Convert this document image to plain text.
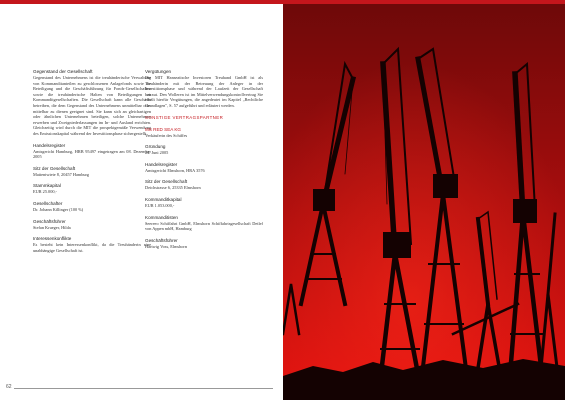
Gegenstand der Gesellschaft

Gegenstand des Unternehmens ist die treuhänderische Verwaltung von Kommanditanteilen zu geschlossenen Anlagefonds sowie die Beteiligung und die Geschäftsführung für Fonds-Gesellschaften sowie die treuhänderische Halten von Beteiligungen an Kommanditgesellschaften. Die Gesellschaft kann alle Geschäfte betreiben, die dem Gegenstand des Unternehmens unmittelbar oder mittelbar zu dienen geeignet sind. Sie kann sich an gleichartigen oder ähnlichen Unternehmen beteiligen, solche Unternehmen erwerben und Zweigniederlassungen im In- und Ausland errichten. Gleichzeitig wird durch die MIT die prospektgemäße Verwendung des Emissionskapital während der Investitionsphase sichergestellt.

Handelsregister

Amtsgericht Hamburg, HRB 95497 eingetragen am 08. Dezember 2005

Sitz der Gesellschaft

Mattentwiete 8, 20457 Hamburg

Stammkapital

EUR 25.000,-

Gesellschafter

Dr. Johann Killinger (100 %)

Geschäftsführer

Stefan Krueger, Hilda

Interessenkonflikte

Es besteht kein Interessenkonflikt, da die Treuhänderin eine unabhängige Gesellschaft ist.

Vergütungen

Die MIT Hanseatische Investoren Treuhand GmbH ist als Treuhänderin mit der Betreuung der Anleger in der Investitionsphase und während der Laufzeit der Gesellschaft betraut. Den Wolleren ist im Mittelverwendungskontrollvertrag Sie erhält hierfür Vergütungen, die angedeutet im Kapitel „Rechtliche Grundlagen", S. 57 aufgeführt und erläutert werden.

SONSTIGE VERTRAGSPARTNER

MS RED SEA KG

Verkäuferin des Schiffes

Gründung

24. Juni 2005

Handelsregister

Amtsgericht Elmshorn, HRA 3576

Sitz der Gesellschaft

Deichstrasse 6, 25335 Elmshorn

Kommanditkapital

EUR 1.053.000,-

Kommanditisten

Seereeo Schiffahrt GmbH, Elmshorn Schiffahrtsgesellschaft Detlef von Appen mbH, Hamburg

Geschäftsführer

Hartwig Voss, Elmshorn

62
